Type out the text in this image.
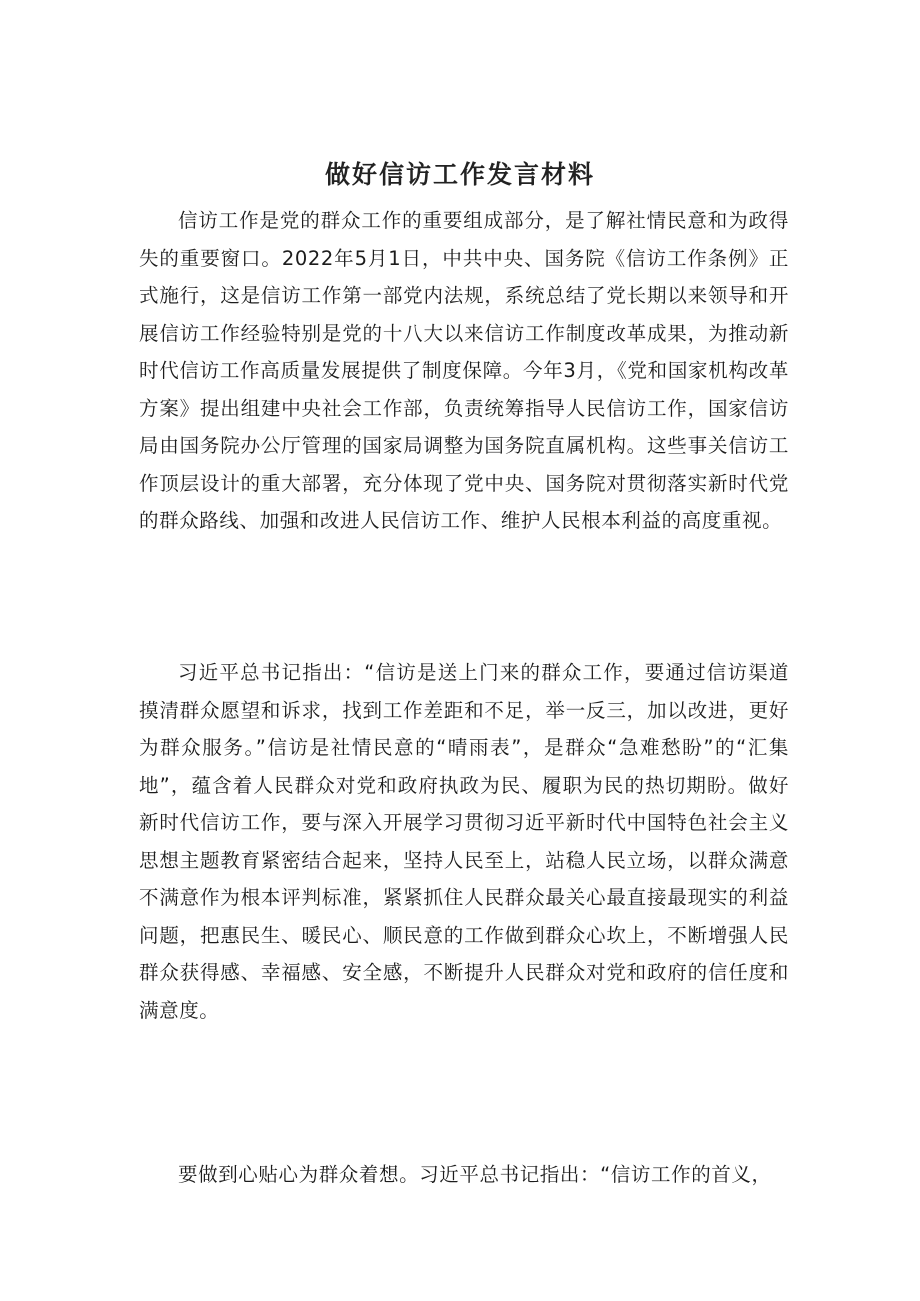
做好信访工作发言材料

信访工作是党的群众工作的重要组成部分，是了解社情民意和为政得失的重要窗口。2022年5月1日，中共中央、国务院《信访工作条例》正式施行，这是信访工作第一部党内法规，系统总结了党长期以来领导和开展信访工作经验特别是党的十八大以来信访工作制度改革成果，为推动新时代信访工作高质量发展提供了制度保障。今年3月，《党和国家机构改革方案》提出组建中央社会工作部，负责统筹指导人民信访工作，国家信访局由国务院办公厅管理的国家局调整为国务院直属机构。这些事关信访工作顶层设计的重大部署，充分体现了党中央、国务院对贯彻落实新时代党的群众路线、加强和改进人民信访工作、维护人民根本利益的高度重视。

习近平总书记指出：“信访是送上门来的群众工作，要通过信访渠道摸清群众愿望和诉求，找到工作差距和不足，举一反三，加以改进，更好为群众服务。”信访是社情民意的“晴雨表”，是群众“急难愁盼”的“汇集地”，蕴含着人民群众对党和政府执政为民、履职为民的热切期盼。做好新时代信访工作，要与深入开展学习贯彻习近平新时代中国特色社会主义思想主题教育紧密结合起来，坚持人民至上，站稳人民立场，以群众满意不满意作为根本评判标准，紧紧抓住人民群众最关心最直接最现实的利益问题，把惠民生、暖民心、顺民意的工作做到群众心坎上，不断增强人民群众获得感、幸福感、安全感，不断提升人民群众对党和政府的信任度和满意度。

要做到心贴心为群众着想。习近平总书记指出：“信访工作的首义，
